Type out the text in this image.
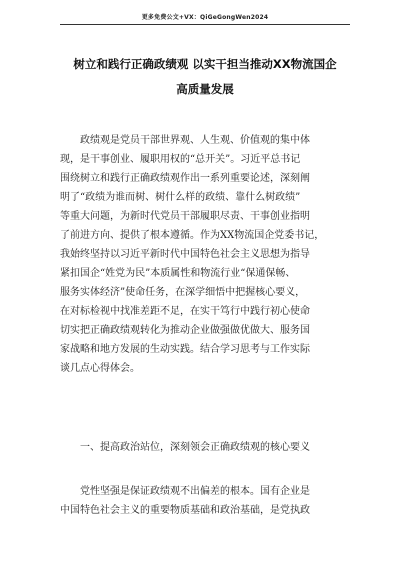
更多免费公文+VX：QiGeGongWen2024
树立和践行正确政绩观 以实干担当推动XX物流国企
高质量发展
政绩观是党员干部世界观、人生观、价值观的集中体
现，是干事创业、履职用权的“总开关”。习近平总书记
围绕树立和践行正确政绩观作出一系列重要论述，深刻阐
明了“政绩为谁而树、树什么样的政绩、靠什么树政绩”
等重大问题，为新时代党员干部履职尽责、干事创业指明
了前进方向、提供了根本遵循。作为XX物流国企党委书记，
我始终坚持以习近平新时代中国特色社会主义思想为指导
紧扣国企“姓党为民”本质属性和物流行业“保通保畅、
服务实体经济”使命任务，在深学细悟中把握核心要义，
在对标检视中找准差距不足，在实干笃行中践行初心使命
切实把正确政绩观转化为推动企业做强做优做大、服务国
家战略和地方发展的生动实践。结合学习思考与工作实际
谈几点心得体会。
一、提高政治站位，深刻领会正确政绩观的核心要义
党性坚强是保证政绩观不出偏差的根本。国有企业是
中国特色社会主义的重要物质基础和政治基础，是党执政
